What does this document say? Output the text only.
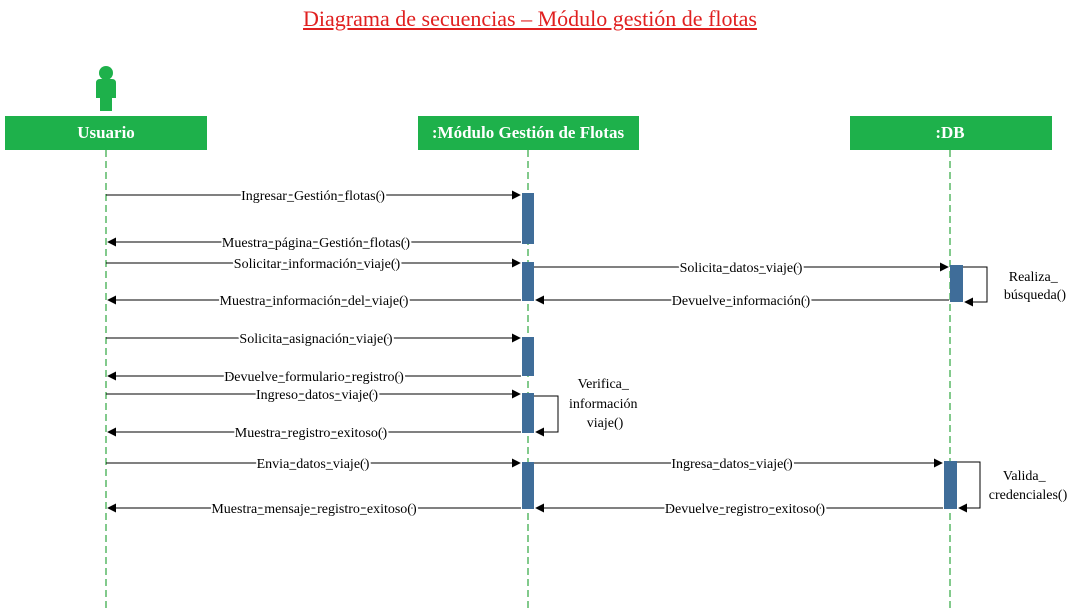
Diagrama de secuencias – Módulo gestión de flotas
Usuario	:Módulo Gestión de Flotas	:DB
Ingresar_Gestión_flotas()
Muestra_página_Gestión_flotas()
Solicitar_información_viaje()	Solicita_datos_viaje()
Devuelve_información()
Muestra_información_del_viaje()
Solicita_asignación_viaje()
Devuelve_formulario_registro()
Ingreso_datos_viaje()
Muestra_registro_exitoso()
Envia_datos_viaje()	Ingresa_datos_viaje()
Devuelve_registro_exitoso()
Muestra_mensaje_registro_exitoso()
Realiza_ búsqueda()
Verifica_ información viaje()
Valida_ credenciales()
